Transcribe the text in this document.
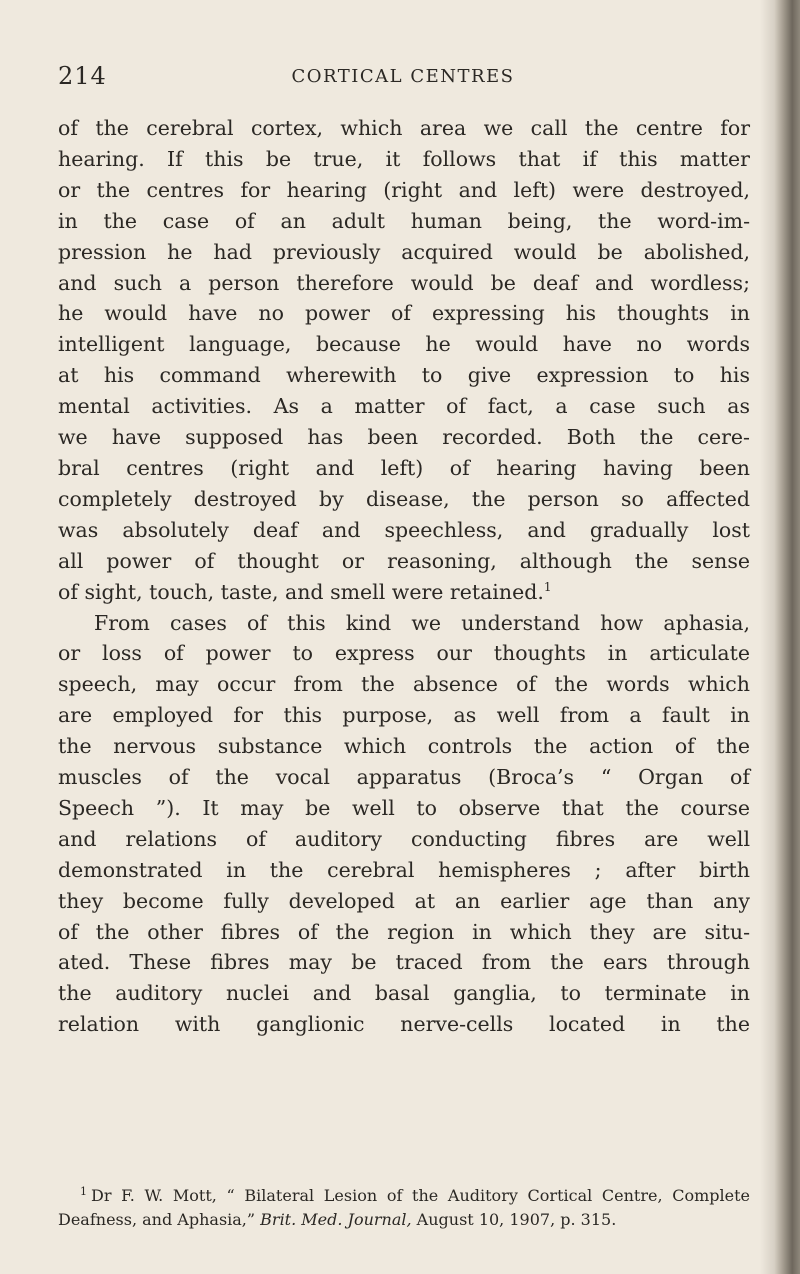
214	CORTICAL CENTRES

of the cerebral cortex, which area we call the centre for

hearing. If this be true, it follows that if this matter

or the centres for hearing (right and left) were destroyed,

in the case of an adult human being, the word-im-

pression he had previously acquired would be abolished,

and such a person therefore would be deaf and wordless;

he would have no power of expressing his thoughts in

intelligent language, because he would have no words

at his command wherewith to give expression to his

mental activities. As a matter of fact, a case such as

we have supposed has been recorded. Both the cere-

bral centres (right and left) of hearing having been

completely destroyed by disease, the person so affected

was absolutely deaf and speechless, and gradually lost

all power of thought or reasoning, although the sense

of sight, touch, taste, and smell were retained.$^1$

From cases of this kind we understand how aphasia,

or loss of power to express our thoughts in articulate

speech, may occur from the absence of the words which

are employed for this purpose, as well from a fault in

the nervous substance which controls the action of the

muscles of the vocal apparatus (Broca’s “ Organ of

Speech ”). It may be well to observe that the course

and relations of auditory conducting fibres are well

demonstrated in the cerebral hemispheres ; after birth

they become fully developed at an earlier age than any

of the other fibres of the region in which they are situ-

ated. These fibres may be traced from the ears through

the auditory nuclei and basal ganglia, to terminate in

relation with ganglionic nerve-cells located in the

$^1$ Dr F. W. Mott, “ Bilateral Lesion of the Auditory Cortical Centre, Complete Deafness, and Aphasia,” Brit. Med. Journal, August 10, 1907, p. 315.
